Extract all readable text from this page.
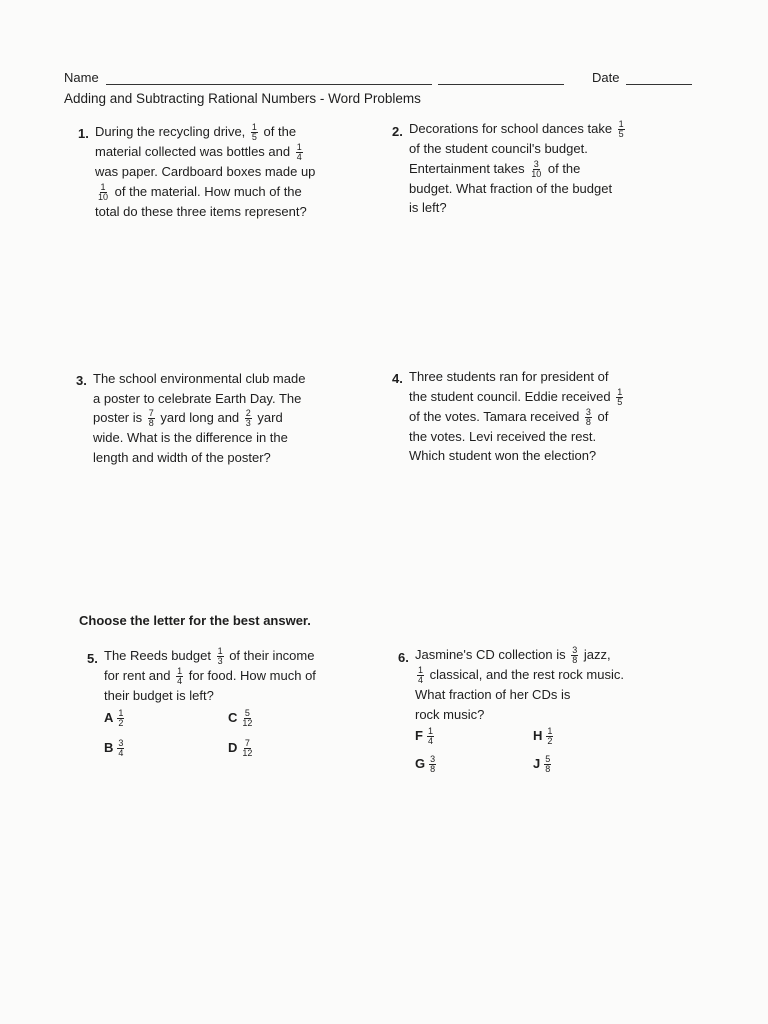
Name	Date
Adding and Subtracting Rational Numbers - Word Problems
1. During the recycling drive, $\frac{1}{5}$ of the
material collected was bottles and $\frac{1}{4}$
was paper. Cardboard boxes made up
$\frac{1}{10}$ of the material. How much of the
total do these three items represent?
2. Decorations for school dances take $\frac{1}{5}$
of the student council's budget.
Entertainment takes $\frac{3}{10}$ of the
budget. What fraction of the budget
is left?
3. The school environmental club made
a poster to celebrate Earth Day. The
poster is $\frac{7}{8}$ yard long and $\frac{2}{3}$ yard
wide. What is the difference in the
length and width of the poster?
4. Three students ran for president of
the student council. Eddie received $\frac{1}{5}$
of the votes. Tamara received $\frac{3}{8}$ of
the votes. Levi received the rest.
Which student won the election?
Choose the letter for the best answer.
5. The Reeds budget $\frac{1}{3}$ of their income
for rent and $\frac{1}{4}$ for food. How much of
their budget is left?
A $\frac{1}{2}$	C $\frac{5}{12}$
B $\frac{3}{4}$	D $\frac{7}{12}$
6. Jasmine's CD collection is $\frac{3}{8}$ jazz,
$\frac{1}{4}$ classical, and the rest rock music.
What fraction of her CDs is
rock music?
F $\frac{1}{4}$	H $\frac{1}{2}$
G $\frac{3}{8}$	J $\frac{5}{8}$
